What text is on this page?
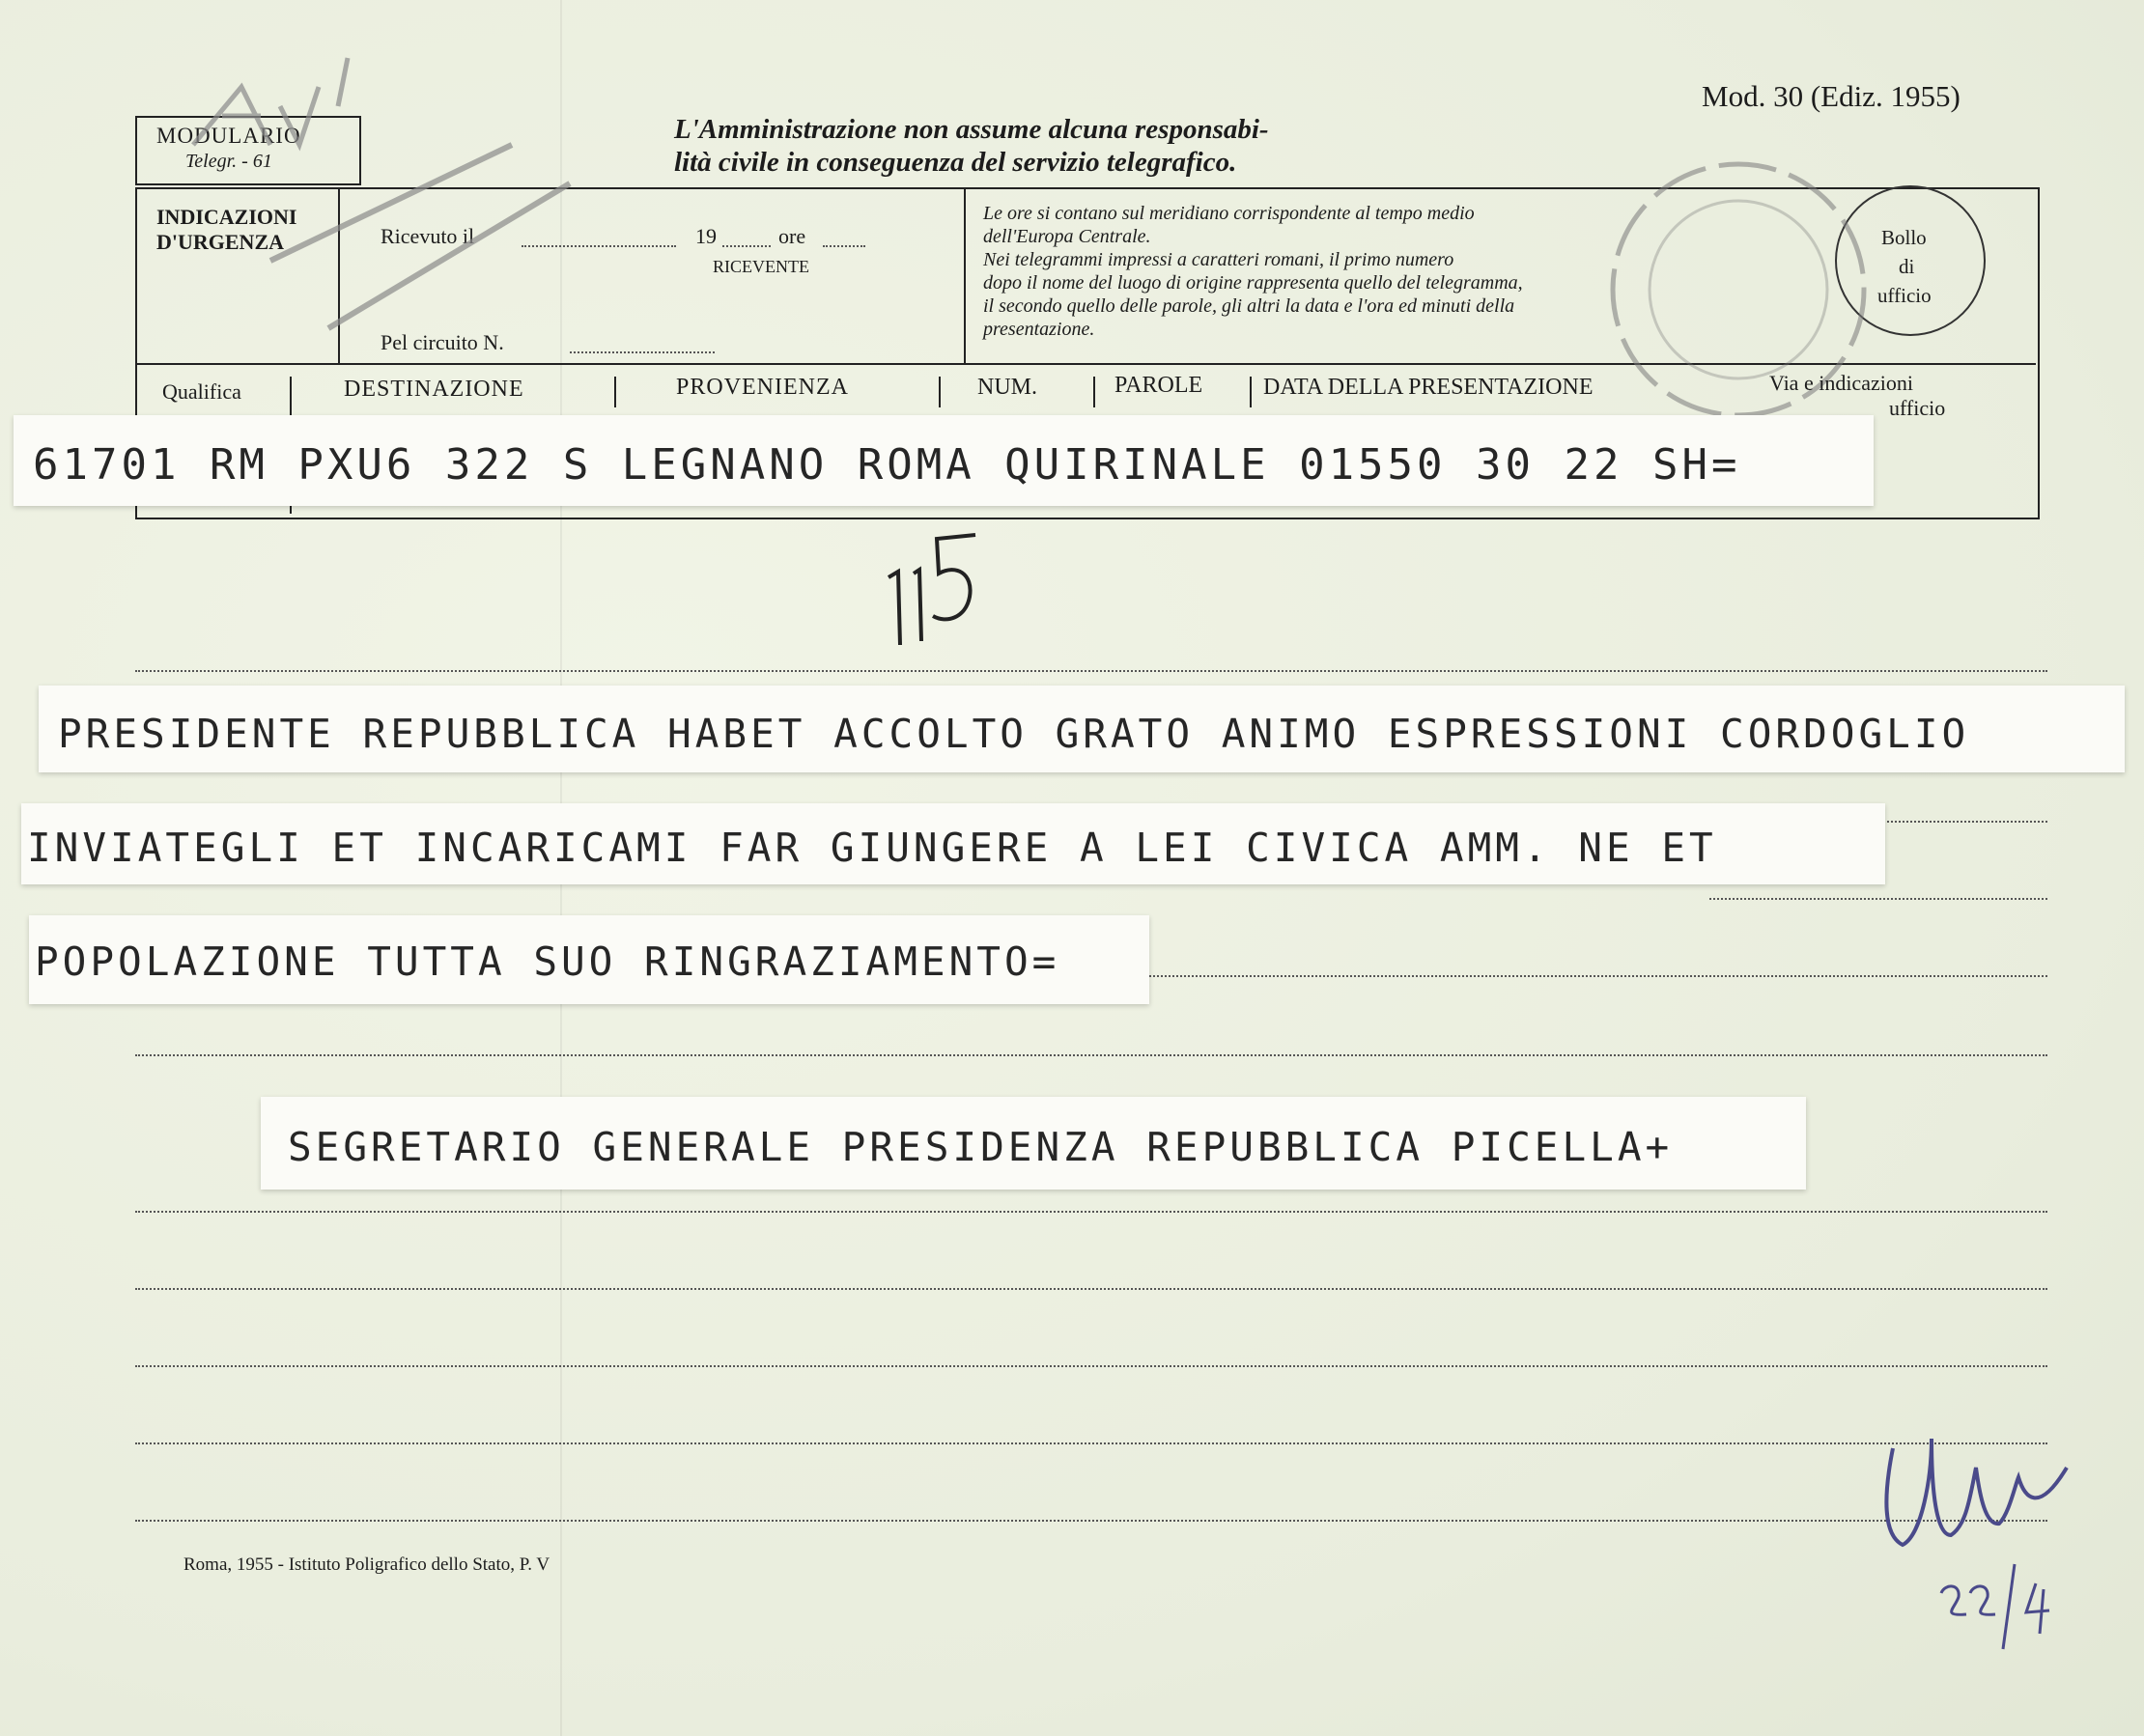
Mod. 30 (Ediz. 1955)
MODULARIO
Telegr. - 61
L'Amministrazione non assume alcuna responsabi-
lità civile in conseguenza del servizio telegrafico.
INDICAZIONI
D'URGENZA	Ricevuto il	19	ore
RICEVENTE
Pel circuito N.
Le ore si contano sul meridiano corrispondente al tempo medio
dell'Europa Centrale.
Nei telegrammi impressi a caratteri romani, il primo numero
dopo il nome del luogo di origine rappresenta quello del telegramma,
il secondo quello delle parole, gli altri la data e l'ora ed minuti della
presentazione.
Bollo
di
ufficio
Qualifica	DESTINAZIONE	PROVENIENZA	NUM.	PAROLE	DATA DELLA PRESENTAZIONE	Via e indicazioni
ufficio
61701 RM PXU6 322 S LEGNANO ROMA QUIRINALE 01550 30 22 SH=
PRESIDENTE REPUBBLICA HABET ACCOLTO GRATO ANIMO ESPRESSIONI CORDOGLIO
INVIATEGLI ET INCARICAMI FAR GIUNGERE A LEI CIVICA AMM. NE ET
POPOLAZIONE TUTTA SUO RINGRAZIAMENTO=
SEGRETARIO GENERALE PRESIDENZA REPUBBLICA PICELLA+
Roma, 1955 - Istituto Poligrafico dello Stato, P. V
